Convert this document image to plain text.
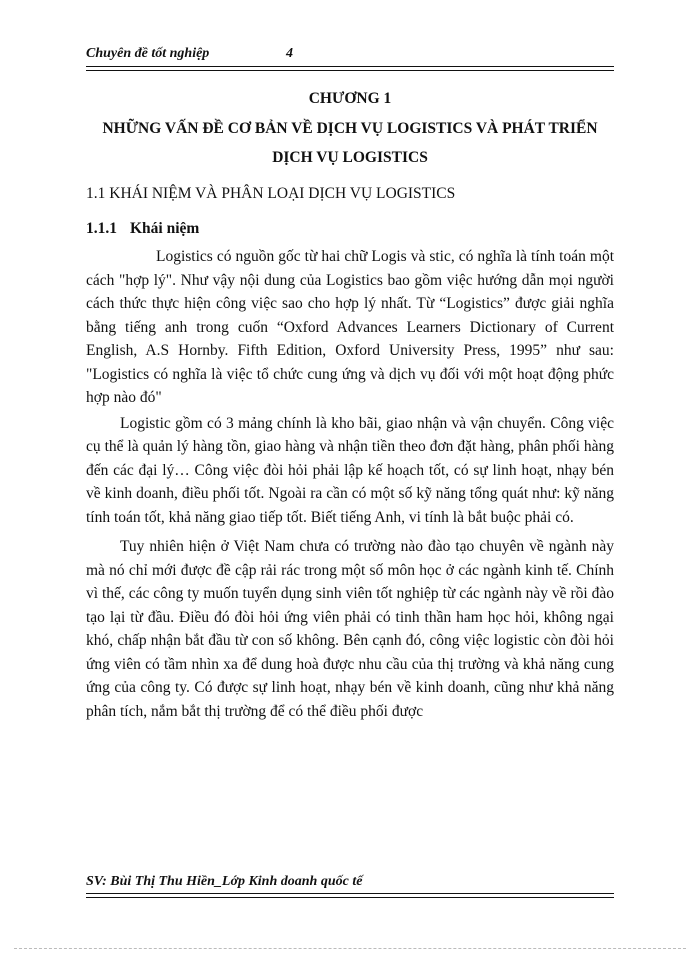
Chuyên đề tốt nghiệp	4
CHƯƠNG 1
NHỮNG VẤN ĐỀ CƠ BẢN VỀ DỊCH VỤ LOGISTICS VÀ PHÁT TRIỂN
DỊCH VỤ LOGISTICS
1.1 KHÁI NIỆM VÀ PHÂN LOẠI DỊCH VỤ LOGISTICS
1.1.1 Khái niệm

Logistics có nguồn gốc từ hai chữ Logis và stic, có nghĩa là tính toán một cách "hợp lý". Như vậy nội dung của Logistics bao gồm việc hướng dẫn mọi người cách thức thực hiện công việc sao cho hợp lý nhất. Từ “Logistics” được giải nghĩa bằng tiếng anh trong cuốn “Oxford Advances Learners Dictionary of Current English, A.S Hornby. Fifth Edition, Oxford University Press, 1995” như sau: "Logistics có nghĩa là việc tổ chức cung ứng và dịch vụ đối với một hoạt động phức hợp nào đó"

Logistic gồm có 3 mảng chính là kho bãi, giao nhận và vận chuyển. Công việc cụ thể là quản lý hàng tồn, giao hàng và nhận tiền theo đơn đặt hàng, phân phối hàng đến các đại lý… Công việc đòi hỏi phải lập kế hoạch tốt, có sự linh hoạt, nhạy bén về kinh doanh, điều phối tốt. Ngoài ra cần có một số kỹ năng tổng quát như: kỹ năng tính toán tốt, khả năng giao tiếp tốt. Biết tiếng Anh, vi tính là bắt buộc phải có.

Tuy nhiên hiện ở Việt Nam chưa có trường nào đào tạo chuyên về ngành này mà nó chỉ mới được đề cập rải rác trong một số môn học ở các ngành kinh tế. Chính vì thế, các công ty muốn tuyển dụng sinh viên tốt nghiệp từ các ngành này về rồi đào tạo lại từ đầu. Điều đó đòi hỏi ứng viên phải có tinh thần ham học hỏi, không ngại khó, chấp nhận bắt đầu từ con số không. Bên cạnh đó, công việc logistic còn đòi hỏi ứng viên có tầm nhìn xa để dung hoà được nhu cầu của thị trường và khả năng cung ứng của công ty. Có được sự linh hoạt, nhạy bén về kinh doanh, cũng như khả năng phân tích, nắm bắt thị trường để có thể điều phối được

SV: Bùi Thị Thu Hiền_Lớp Kinh doanh quốc tế
